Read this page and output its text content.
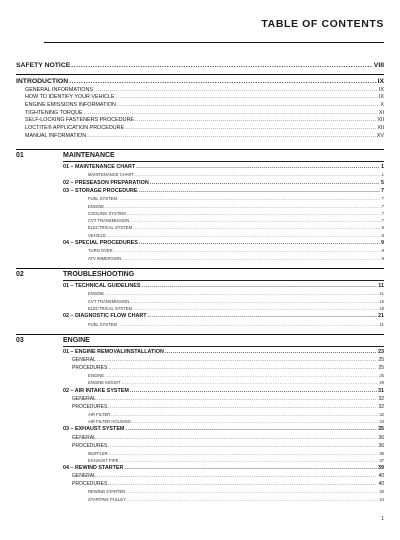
TABLE OF CONTENTS
SAFETY NOTICE .....	VIII
INTRODUCTION .....	IX
GENERAL INFORMATIONS .....	IX
HOW TO IDENTIFY YOUR VEHICLE .....	IX
ENGINE EMISSIONS INFORMATION .....	X
TIGHTENING TORQUE .....	XI
SELF-LOCKING FASTENERS PROCEDURE .....	XII
LOCTITE® APPLICATION PROCEDURE .....	XII
MANUAL INFORMATION .....	XV
01	MAINTENANCE
01 – MAINTENANCE CHART .....	1
MAINTENANCE CHART .....	1
02 – PRESEASON PREPARATION .....	5
03 – STORAGE PROCEDURE .....	7
FUEL SYSTEM .....	7
ENGINE .....	7
COOLING SYSTEM .....	7
CVT TRANSMISSION .....	7
ELECTRICAL SYSTEM .....	8
VEHICLE .....	8
04 – SPECIAL PROCEDURES .....	9
TURN OVER .....	9
ATV IMMERSION .....	9
02	TROUBLESHOOTING
01 – TECHNICAL GUIDELINES .....	11
ENGINE .....	11
CVT TRANSMISSION .....	15
ELECTRICAL SYSTEM .....	18
02 – DIAGNOSTIC FLOW CHART .....	21
FUEL SYSTEM .....	21
03	ENGINE
01 – ENGINE REMOVAL/INSTALLATION .....	23
GENERAL .....	25
PROCEDURES .....	25
ENGINE .....	25
ENGINE MOUNT .....	29
02 – AIR INTAKE SYSTEM .....	31
GENERAL .....	32
PROCEDURES .....	32
AIR FILTER .....	32
AIR FILTER HOUSING .....	33
03 – EXHAUST SYSTEM .....	35
GENERAL .....	36
PROCEDURES .....	36
MUFFLER .....	36
EXHAUST PIPE .....	37
04 – REWIND STARTER .....	39
GENERAL .....	40
PROCEDURES .....	40
REWIND STARTER .....	40
STARTING PULLEY .....	44
1
